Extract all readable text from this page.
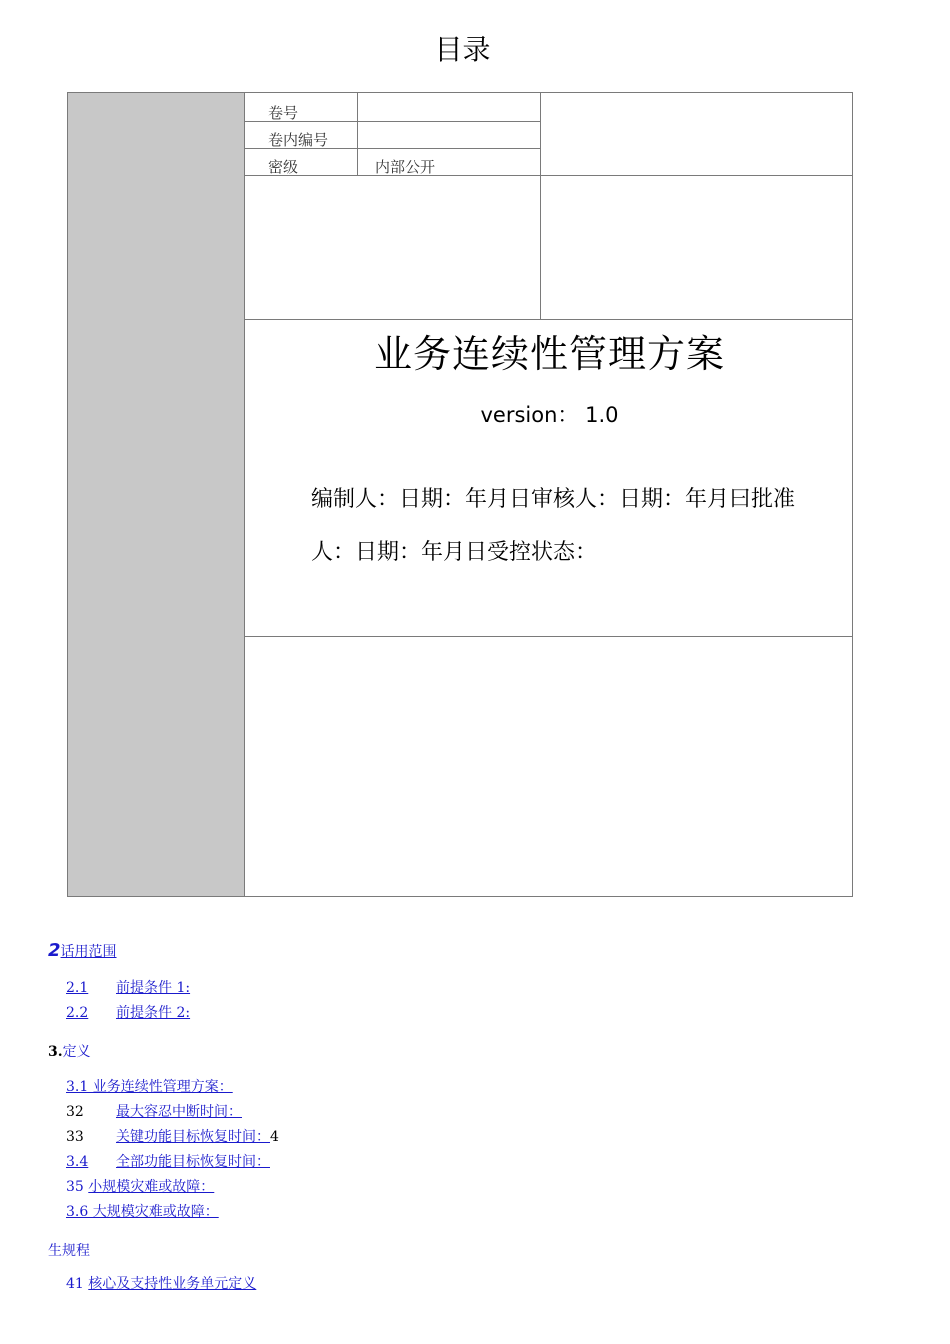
目录
卷号
卷内编号
密级	内部公开
业务连续性管理方案
version： 1.0
编制人：日期：年月日审核人：日期：年月曰批准
人：日期：年月日受控状态：
2话用范围
2.1 前提条件 1:
2.2 前提条件 2:
3.定义
3.1 业务连续性管理方案：
32 最大容忍中断时间：
33 关键功能目标恢复时间：4
3.4 全部功能目标恢复时间：
35 小规模灾难或故障：
3.6 大规模灾难或故障：
生规程
41 核心及支持性业务单元定义
